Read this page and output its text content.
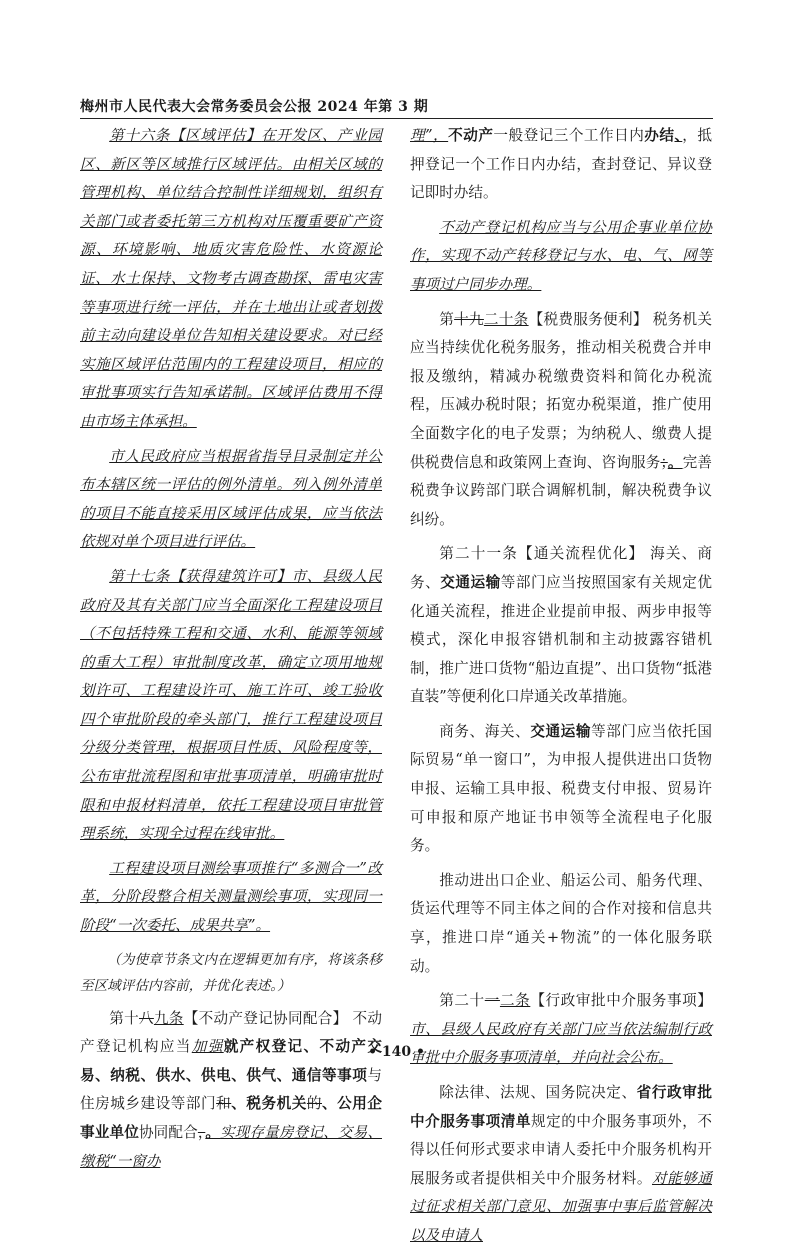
梅州市人民代表大会常务委员会公报 2024 年第 3 期

第十六条【区域评估】在开发区、产业园区、新区等区域推行区域评估。由相关区域的管理机构、单位结合控制性详细规划，组织有关部门或者委托第三方机构对压覆重要矿产资源、环境影响、地质灾害危险性、水资源论证、水土保持、文物考古调查勘探、雷电灾害等事项进行统一评估，并在土地出让或者划拨前主动向建设单位告知相关建设要求。对已经实施区域评估范围内的工程建设项目，相应的审批事项实行告知承诺制。区域评估费用不得由市场主体承担。

市人民政府应当根据省指导目录制定并公布本辖区统一评估的例外清单。列入例外清单的项目不能直接采用区域评估成果，应当依法依规对单个项目进行评估。

第十七条【获得建筑许可】市、县级人民政府及其有关部门应当全面深化工程建设项目（不包括特殊工程和交通、水利、能源等领域的重大工程）审批制度改革，确定立项用地规划许可、工程建设许可、施工许可、竣工验收四个审批阶段的牵头部门，推行工程建设项目分级分类管理，根据项目性质、风险程度等，公布审批流程图和审批事项清单，明确审批时限和申报材料清单，依托工程建设项目审批管理系统，实现全过程在线审批。

工程建设项目测绘事项推行“多测合一”改革，分阶段整合相关测量测绘事项，实现同一阶段“一次委托、成果共享”。

（为使章节条文内在逻辑更加有序，将该条移至区域评估内容前，并优化表述。）

第十八九条【不动产登记协同配合】 不动产登记机构应当加强就产权登记、不动产交易、纳税、供水、供电、供气、通信等事项与住房城乡建设等部门和、税务机关的、公用企事业单位协同配合，。实现存量房登记、交易、缴税“一窗办

理”，不动产一般登记三个工作日内办结、，抵押登记一个工作日内办结，查封登记、异议登记即时办结。

不动产登记机构应当与公用企事业单位协作，实现不动产转移登记与水、电、气、网等事项过户同步办理。

第十九二十条【税费服务便利】 税务机关应当持续优化税务服务，推动相关税费合并申报及缴纳，精减办税缴费资料和简化办税流程，压减办税时限；拓宽办税渠道，推广使用全面数字化的电子发票；为纳税人、缴费人提供税费信息和政策网上查询、咨询服务；。完善税费争议跨部门联合调解机制，解决税费争议纠纷。

第二十一条【通关流程优化】 海关、商务、交通运输等部门应当按照国家有关规定优化通关流程，推进企业提前申报、两步申报等模式，深化申报容错机制和主动披露容错机制，推广进口货物“船边直提”、出口货物“抵港直装”等便利化口岸通关改革措施。

商务、海关、交通运输等部门应当依托国际贸易“单一窗口”，为申报人提供进出口货物申报、运输工具申报、税费支付申报、贸易许可申报和原产地证书申领等全流程电子化服务。

推动进出口企业、船运公司、船务代理、货运代理等不同主体之间的合作对接和信息共享，推进口岸“通关+物流”的一体化服务联动。

第二十一二条【行政审批中介服务事项】市、县级人民政府有关部门应当依法编制行政审批中介服务事项清单，并向社会公布。

除法律、法规、国务院决定、省行政审批中介服务事项清单规定的中介服务事项外，不得以任何形式要求申请人委托中介服务机构开展服务或者提供相关中介服务材料。对能够通过征求相关部门意见、加强事中事后监管解决以及申请人

• 140 •
